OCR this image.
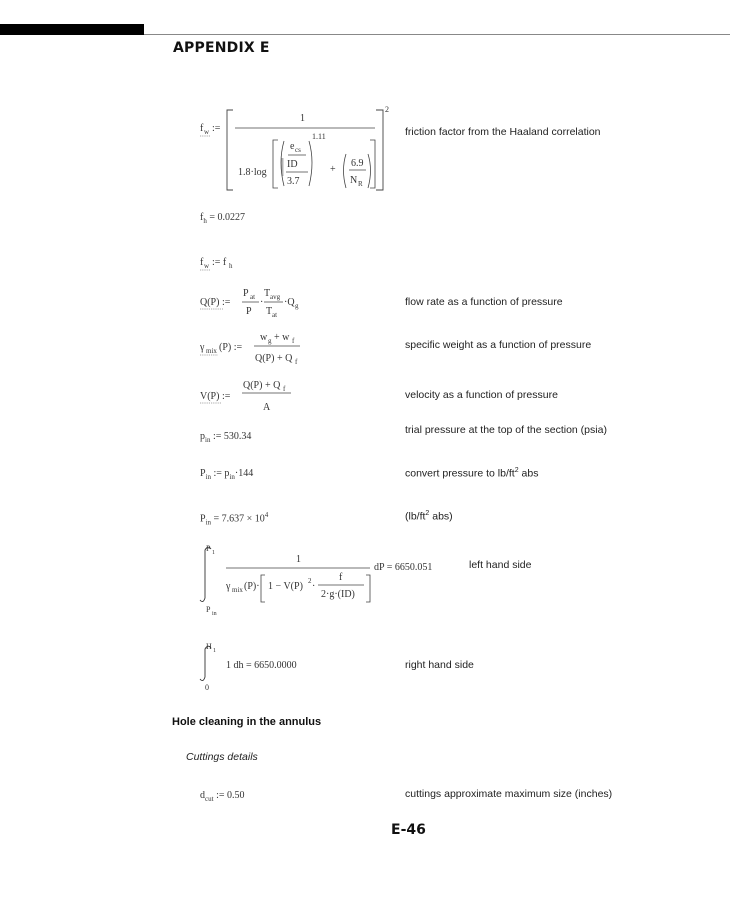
APPENDIX E
f w :=
2
1
1.8·log
1.11
e cs
ID
3.7
+
6.9
N R
f w := f h
Q(P) :=
P at
P
·
T avg
T at
·Q g
γ mix (P) :=
w g + w f
Q(P) + Q f
V(P) :=
Q(P) + Q f
A
P 1
P in
1
γ mix (P)· 1 − V(P) 2 ·
f
2·g·(ID)
H 1
0
friction factor from the Haaland correlation
$f_h = 0.0227$
flow rate as a function of pressure
specific weight as a function of pressure
velocity as a function of pressure
$p_{in}$ := 530.34
trial pressure at the top of the section (psia)
$P_{in}$ := $p_{in}\cdot 144$	convert pressure to $lb/ft^2$ abs
$P_{in} = 7.637 \times 10^4$	($lb/ft^2$ abs)
dP = 6650.051	left hand side
1 dh = 6650.0000	right hand side
Hole cleaning in the annulus
Cuttings details
$d_{cut}$ := 0.50	cuttings approximate maximum size (inches)
E-46
